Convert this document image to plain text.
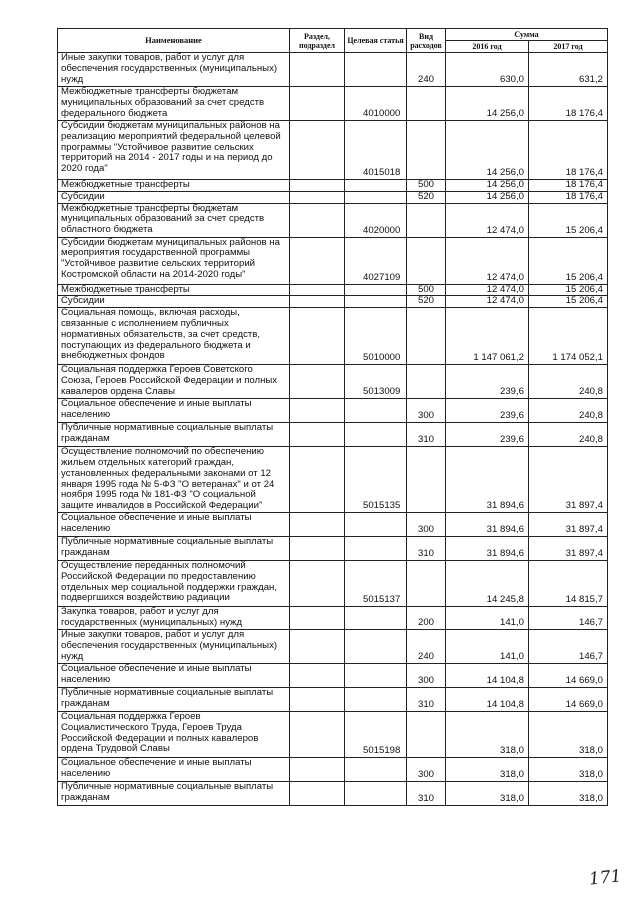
Наименование	Раздел, подраздел	Целевая статья	Вид расходов	Сумма	
				2016 год	2017 год
Иные закупки товаров, работ и услуг для обеспечения государственных (муниципальных) нужд			240	630,0	631,2
Межбюджетные трансферты бюджетам муниципальных образований за счет средств федерального бюджета		4010000		14 256,0	18 176,4
Субсидии бюджетам муниципальных районов на реализацию мероприятий федеральной целевой программы "Устойчивое развитие сельских территорий на 2014 - 2017 годы и на период до 2020 года"		4015018		14 256,0	18 176,4
Межбюджетные трансферты			500	14 256,0	18 176,4
Субсидии			520	14 256,0	18 176,4
Межбюджетные трансферты бюджетам муниципальных образований за счет средств областного бюджета		4020000		12 474,0	15 206,4
Субсидии бюджетам муниципальных районов на мероприятия государственной программы "Устойчивое развитие сельских территорий Костромской области на 2014-2020 годы"		4027109		12 474,0	15 206,4
Межбюджетные трансферты			500	12 474,0	15 206,4
Субсидии			520	12 474,0	15 206,4
Социальная помощь, включая расходы, связанные с исполнением публичных нормативных обязательств, за счет средств, поступающих из федерального бюджета и внебюджетных фондов		5010000		1 147 061,2	1 174 052,1
Социальная поддержка Героев Советского Союза, Героев Российской Федерации и полных кавалеров ордена Славы		5013009		239,6	240,8
Социальное обеспечение и иные выплаты населению			300	239,6	240,8
Публичные нормативные социальные выплаты гражданам			310	239,6	240,8
Осуществление полномочий по обеспечению жильем отдельных категорий граждан, установленных федеральными законами от 12 января 1995 года № 5-ФЗ "О ветеранах" и от 24 ноября 1995 года № 181-ФЗ "О социальной защите инвалидов в Российской Федерации"		5015135		31 894,6	31 897,4
Социальное обеспечение и иные выплаты населению			300	31 894,6	31 897,4
Публичные нормативные социальные выплаты гражданам			310	31 894,6	31 897,4
Осуществление переданных полномочий Российской Федерации по предоставлению отдельных мер социальной поддержки граждан, подвергшихся воздействию радиации		5015137		14 245,8	14 815,7
Закупка товаров, работ и услуг для государственных (муниципальных) нужд			200	141,0	146,7
Иные закупки товаров, работ и услуг для обеспечения государственных (муниципальных) нужд			240	141,0	146,7
Социальное обеспечение и иные выплаты населению			300	14 104,8	14 669,0
Публичные нормативные социальные выплаты гражданам			310	14 104,8	14 669,0
Социальная поддержка Героев Социалистического Труда, Героев Труда Российской Федерации и полных кавалеров ордена Трудовой Славы		5015198		318,0	318,0
Социальное обеспечение и иные выплаты населению			300	318,0	318,0
Публичные нормативные социальные выплаты гражданам			310	318,0	318,0
171
